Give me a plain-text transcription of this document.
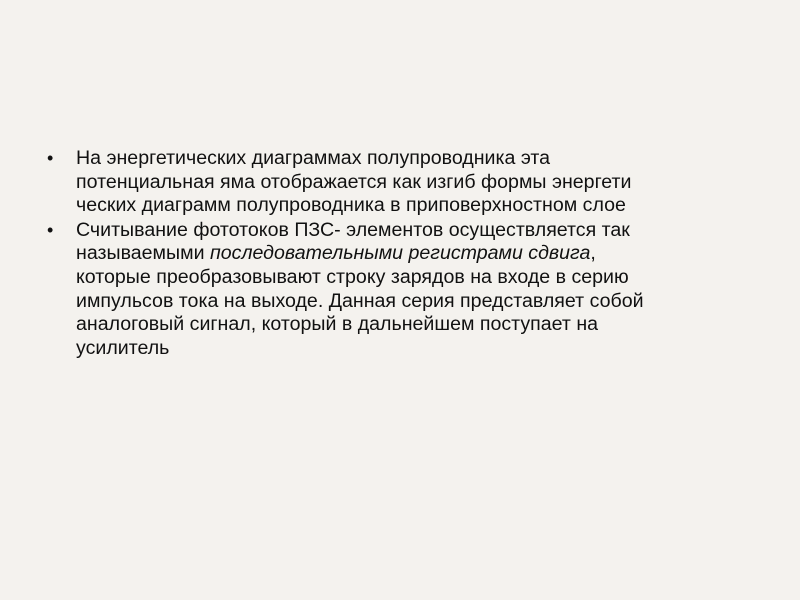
• На энергетических диаграммах полупроводника эта
потенциальная яма отображается как изгиб формы энергети
ческих диаграмм полупроводника в приповерхностном слое
• Считывание фототоков ПЗС- элементов осуществляется так
называемыми последовательными регистрами сдвига,
которые преобразовывают строку зарядов на входе в серию
импульсов тока на выходе. Данная серия представляет собой
аналоговый сигнал, который в дальнейшем поступает на
усилитель
